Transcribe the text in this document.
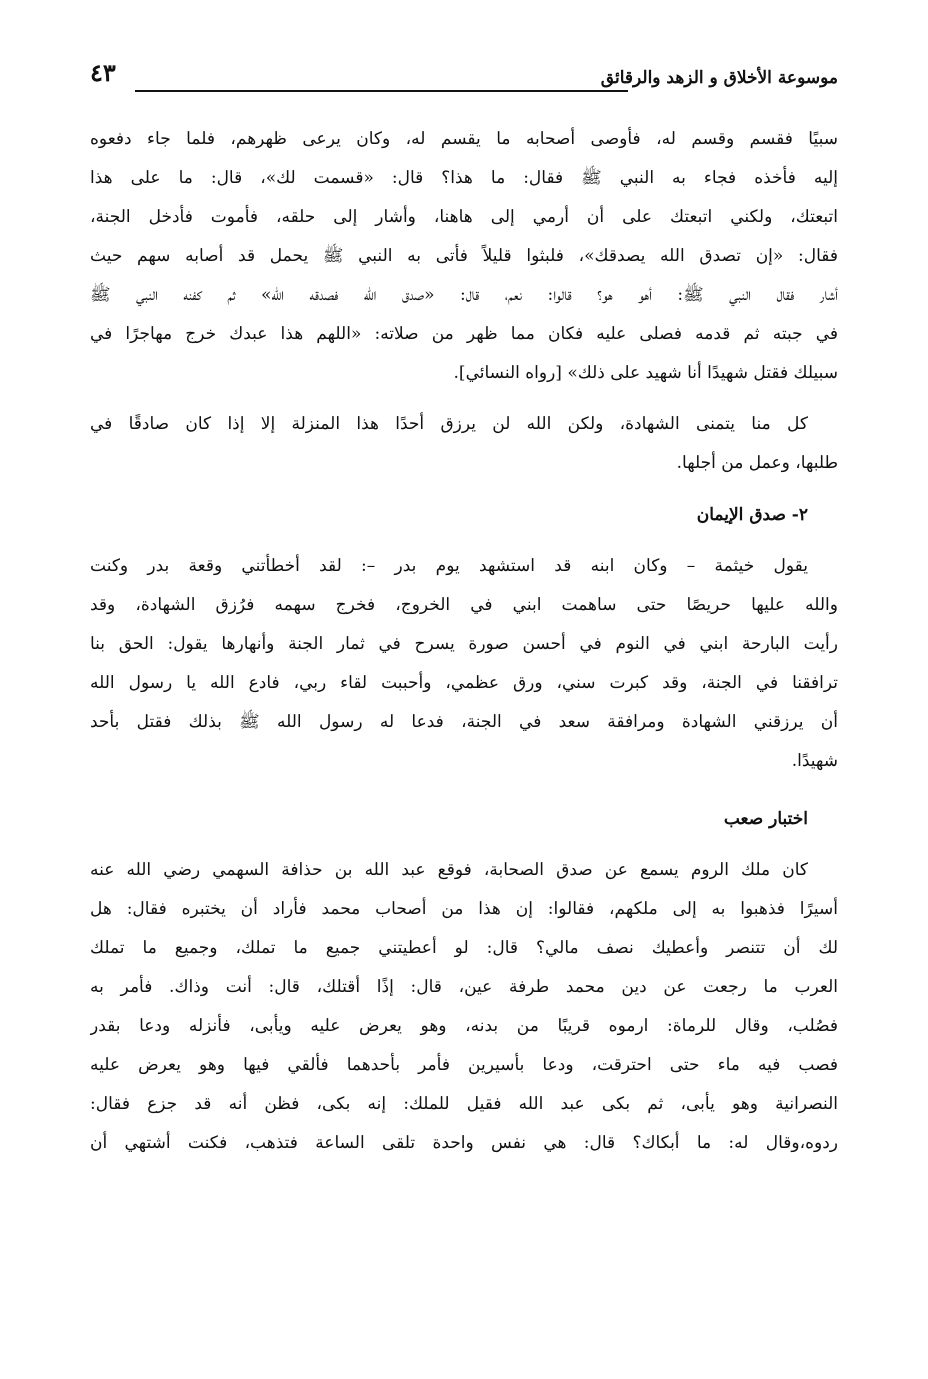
موسوعة الأخلاق و الزهد والرقائق
٤٣
سبيًا فقسم وقسم له، فأوصى أصحابه ما يقسم له، وكان يرعى ظهرهم، فلما جاء دفعوه
إليه فأخذه فجاء به النبي ﷺ فقال: ما هذا؟ قال: «قسمت لك»، قال: ما على هذا
اتبعتك، ولكني اتبعتك على أن أرمي إلى هاهنا، وأشار إلى حلقه، فأموت فأدخل الجنة،
فقال: «إن تصدق الله يصدقك»، فلبثوا قليلاً فأتى به النبي ﷺ يحمل قد أصابه سهم حيث
أشار فقال النبي ﷺ: أهو هو؟ قالوا: نعم، قال: «صدق الله فصدقه الله» ثم كفنه النبي ﷺ
في جبته ثم قدمه فصلى عليه فكان مما ظهر من صلاته: «اللهم هذا عبدك خرج مهاجرًا في
سبيلك فقتل شهيدًا أنا شهيد على ذلك» [رواه النسائي].
كل منا يتمنى الشهادة، ولكن الله لن يرزق أحدًا هذا المنزلة إلا إذا كان صادقًا في
طلبها، وعمل من أجلها.
٢- صدق الإيمان
يقول خيثمة – وكان ابنه قد استشهد يوم بدر –: لقد أخطأتني وقعة بدر وكنت
والله عليها حريصًا حتى ساهمت ابني في الخروج، فخرج سهمه فرُزق الشهادة، وقد
رأيت البارحة ابني في النوم في أحسن صورة يسرح في ثمار الجنة وأنهارها يقول: الحق بنا
ترافقنا في الجنة، وقد كبرت سني، ورق عظمي، وأحببت لقاء ربي، فادع الله يا رسول الله
أن يرزقني الشهادة ومرافقة سعد في الجنة، فدعا له رسول الله ﷺ بذلك فقتل بأحد
شهيدًا.
اختبار صعب
كان ملك الروم يسمع عن صدق الصحابة، فوقع عبد الله بن حذافة السهمي رضي الله عنه
أسيرًا فذهبوا به إلى ملكهم، فقالوا: إن هذا من أصحاب محمد فأراد أن يختبره فقال: هل
لك أن تتنصر وأعطيك نصف مالي؟ قال: لو أعطيتني جميع ما تملك، وجميع ما تملك
العرب ما رجعت عن دين محمد طرفة عين، قال: إذًا أقتلك، قال: أنت وذاك. فأمر به
فصُلب، وقال للرماة: ارموه قريبًا من بدنه، وهو يعرض عليه ويأبى، فأنزله ودعا بقدر
فصب فيه ماء حتى احترقت، ودعا بأسيرين فأمر بأحدهما فألقي فيها وهو يعرض عليه
النصرانية وهو يأبى، ثم بكى عبد الله فقيل للملك: إنه بكى، فظن أنه قد جزع فقال:
ردوه،وقال له: ما أبكاك؟ قال: هي نفس واحدة تلقى الساعة فتذهب، فكنت أشتهي أن
